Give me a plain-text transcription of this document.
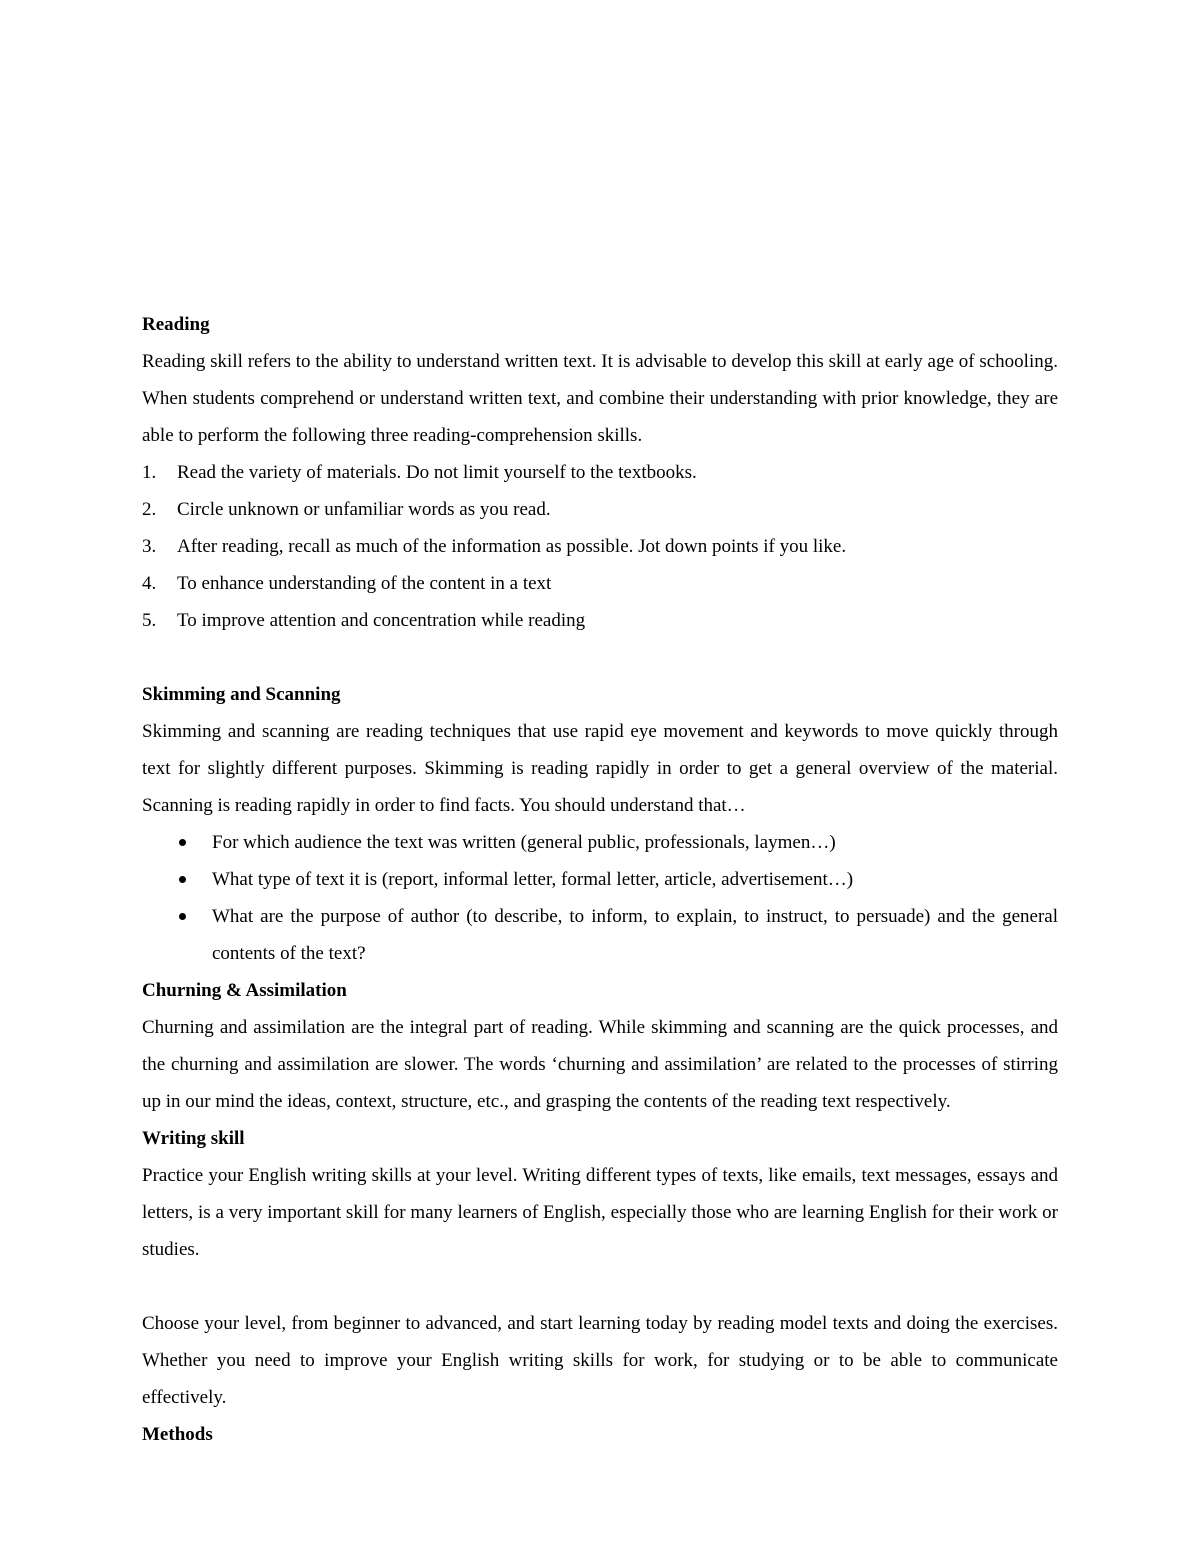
Reading

Reading skill refers to the ability to understand written text. It is advisable to develop this skill at early age of schooling. When students comprehend or understand written text, and combine their understanding with prior knowledge, they are able to perform the following three reading-comprehension skills.

1.	Read the variety of materials. Do not limit yourself to the textbooks.
2.	Circle unknown or unfamiliar words as you read.
3.	After reading, recall as much of the information as possible. Jot down points if you like.
4.	To enhance understanding of the content in a text
5.	To improve attention and concentration while reading

Skimming and Scanning

Skimming and scanning are reading techniques that use rapid eye movement and keywords to move quickly through text for slightly different purposes. Skimming is reading rapidly in order to get a general overview of the material. Scanning is reading rapidly in order to find facts. You should understand that…

For which audience the text was written (general public, professionals, laymen…)
What type of text it is (report, informal letter, formal letter, article, advertisement…)
What are the purpose of author (to describe, to inform, to explain, to instruct, to persuade) and the general contents of the text?

Churning & Assimilation

Churning and assimilation are the integral part of reading. While skimming and scanning are the quick processes, and the churning and assimilation are slower. The words ‘churning and assimilation’ are related to the processes of stirring up in our mind the ideas, context, structure, etc., and grasping the contents of the reading text respectively.

Writing skill

Practice your English writing skills at your level. Writing different types of texts, like emails, text messages, essays and letters, is a very important skill for many learners of English, especially those who are learning English for their work or studies.

Choose your level, from beginner to advanced, and start learning today by reading model texts and doing the exercises. Whether you need to improve your English writing skills for work, for studying or to be able to communicate effectively.

Methods
